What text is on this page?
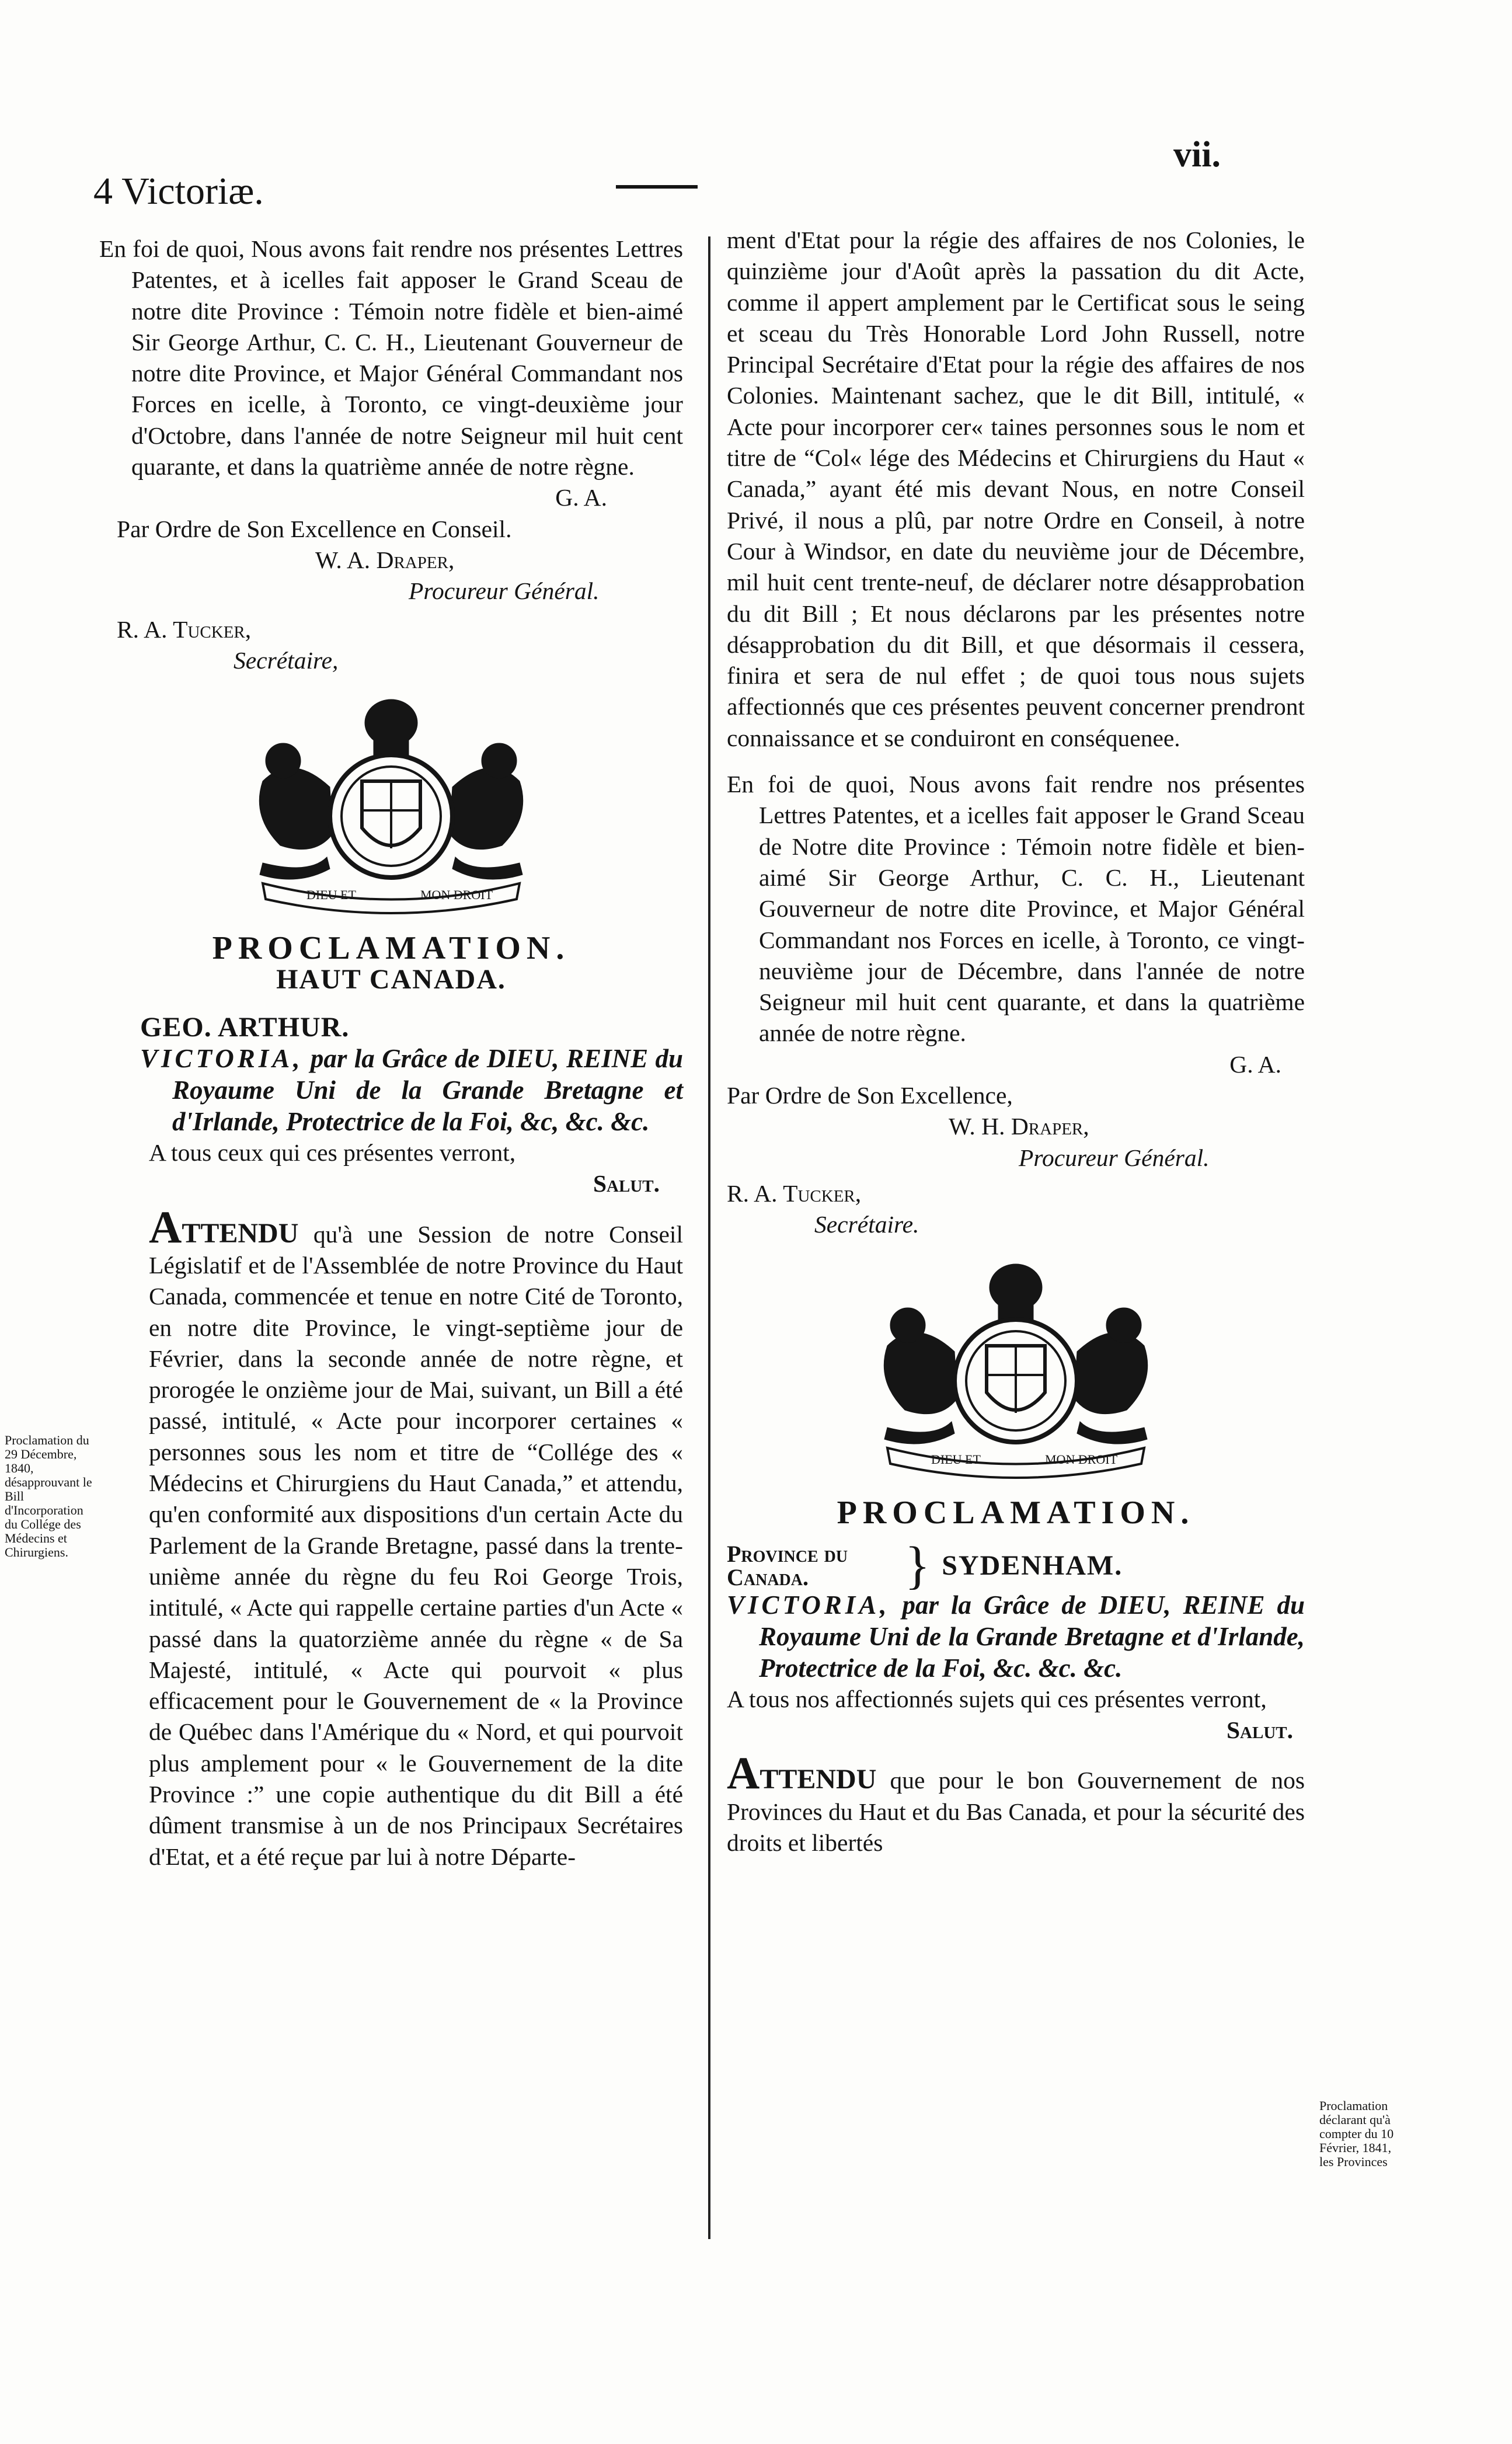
4 Victoriæ.
vii.

En foi de quoi, Nous avons fait rendre nos présentes Lettres Patentes, et à icelles fait apposer le Grand Sceau de notre dite Province : Témoin notre fidèle et bien-aimé Sir George Arthur, C. C. H., Lieutenant Gouverneur de notre dite Province, et Major Général Commandant nos Forces en icelle, à Toronto, ce vingt-deuxième jour d'Octobre, dans l'année de notre Seigneur mil huit cent quarante, et dans la quatrième année de notre règne.

G. A.

Par Ordre de Son Excellence en Conseil.

W. A. Draper,

Procureur Général.

R. A. Tucker,

Secrétaire,

DIEU ET	MON DROIT

PROCLAMATION.

HAUT CANADA.

GEO. ARTHUR.

VICTORIA, par la Grâce de DIEU, REINE du Royaume Uni de la Grande Bretagne et d'Irlande, Protectrice de la Foi, &c, &c. &c.

A tous ceux qui ces présentes verront,

Salut.

ATTENDU qu'à une Session de notre Conseil Législatif et de l'Assemblée de notre Province du Haut Canada, commencée et tenue en notre Cité de Toronto, en notre dite Province, le vingt-septième jour de Février, dans la seconde année de notre règne, et prorogée le onzième jour de Mai, suivant, un Bill a été passé, intitulé, « Acte pour incorporer certaines « personnes sous les nom et titre de “Collége des « Médecins et Chirurgiens du Haut Canada,” et attendu, qu'en conformité aux dispositions d'un certain Acte du Parlement de la Grande Bretagne, passé dans la trente-unième année du règne du feu Roi George Trois, intitulé, « Acte qui rappelle certaine parties d'un Acte « passé dans la quatorzième année du règne « de Sa Majesté, intitulé, « Acte qui pourvoit « plus efficacement pour le Gouvernement de « la Province de Québec dans l'Amérique du « Nord, et qui pourvoit plus amplement pour « le Gouvernement de la dite Province :” une copie authentique du dit Bill a été dûment transmise à un de nos Principaux Secrétaires d'Etat, et a été reçue par lui à notre Départe-

Proclamation du 29 Décembre, 1840, désapprouvant le Bill d'Incorporation du Collége des Médecins et Chirurgiens.

ment d'Etat pour la régie des affaires de nos Colonies, le quinzième jour d'Août après la passation du dit Acte, comme il appert amplement par le Certificat sous le seing et sceau du Très Honorable Lord John Russell, notre Principal Secrétaire d'Etat pour la régie des affaires de nos Colonies. Maintenant sachez, que le dit Bill, intitulé, « Acte pour incorporer cer« taines personnes sous le nom et titre de “Col« lége des Médecins et Chirurgiens du Haut « Canada,” ayant été mis devant Nous, en notre Conseil Privé, il nous a plû, par notre Ordre en Conseil, à notre Cour à Windsor, en date du neuvième jour de Décembre, mil huit cent trente-neuf, de déclarer notre désapprobation du dit Bill ; Et nous déclarons par les présentes notre désapprobation du dit Bill, et que désormais il cessera, finira et sera de nul effet ; de quoi tous nous sujets affectionnés que ces présentes peuvent concerner prendront connaissance et se conduiront en conséquenee.

En foi de quoi, Nous avons fait rendre nos présentes Lettres Patentes, et a icelles fait apposer le Grand Sceau de Notre dite Province : Témoin notre fidèle et bien-aimé Sir George Arthur, C. C. H., Lieutenant Gouverneur de notre dite Province, et Major Général Commandant nos Forces en icelle, à Toronto, ce vingt-neuvième jour de Décembre, dans l'année de notre Seigneur mil huit cent quarante, et dans la quatrième année de notre règne.

G. A.

Par Ordre de Son Excellence,

W. H. Draper,

Procureur Général.

R. A. Tucker,

Secrétaire.

DIEU ET	MON DROIT

PROCLAMATION.

Province du Canada.	} SYDENHAM.

VICTORIA, par la Grâce de DIEU, REINE du Royaume Uni de la Grande Bretagne et d'Irlande, Protectrice de la Foi, &c. &c. &c.

A tous nos affectionnés sujets qui ces présentes verront,

Salut.

ATTENDU que pour le bon Gouvernement de nos Provinces du Haut et du Bas Canada, et pour la sécurité des droits et libertés

Proclamation déclarant qu'à compter du 10 Février, 1841, les Provinces
